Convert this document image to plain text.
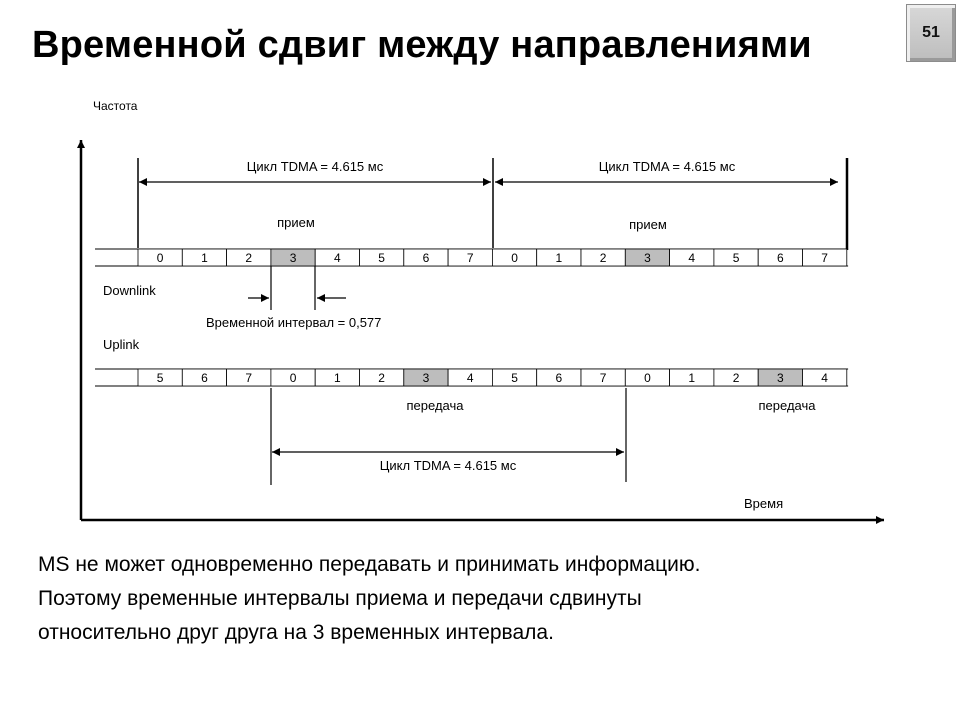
Временной сдвиг между направлениями	51
Частота
Время
Цикл TDMA = 4.615 мс	Цикл TDMA = 4.615 мс
прием	прием
0	1	2	3	4	5	6	7	0	1	2	3	4	5	6	7
Downlink
Временной интервал = 0,577
Uplink
5	6	7	0	1	2	3	4	5	6	7	0	1	2	3	4
передача	передача
Цикл TDMA = 4.615 мс
MS не может одновременно передавать и принимать информацию.
Поэтому временные интервалы приема и передачи сдвинуты
относительно друг друга на 3 временных интервала.
